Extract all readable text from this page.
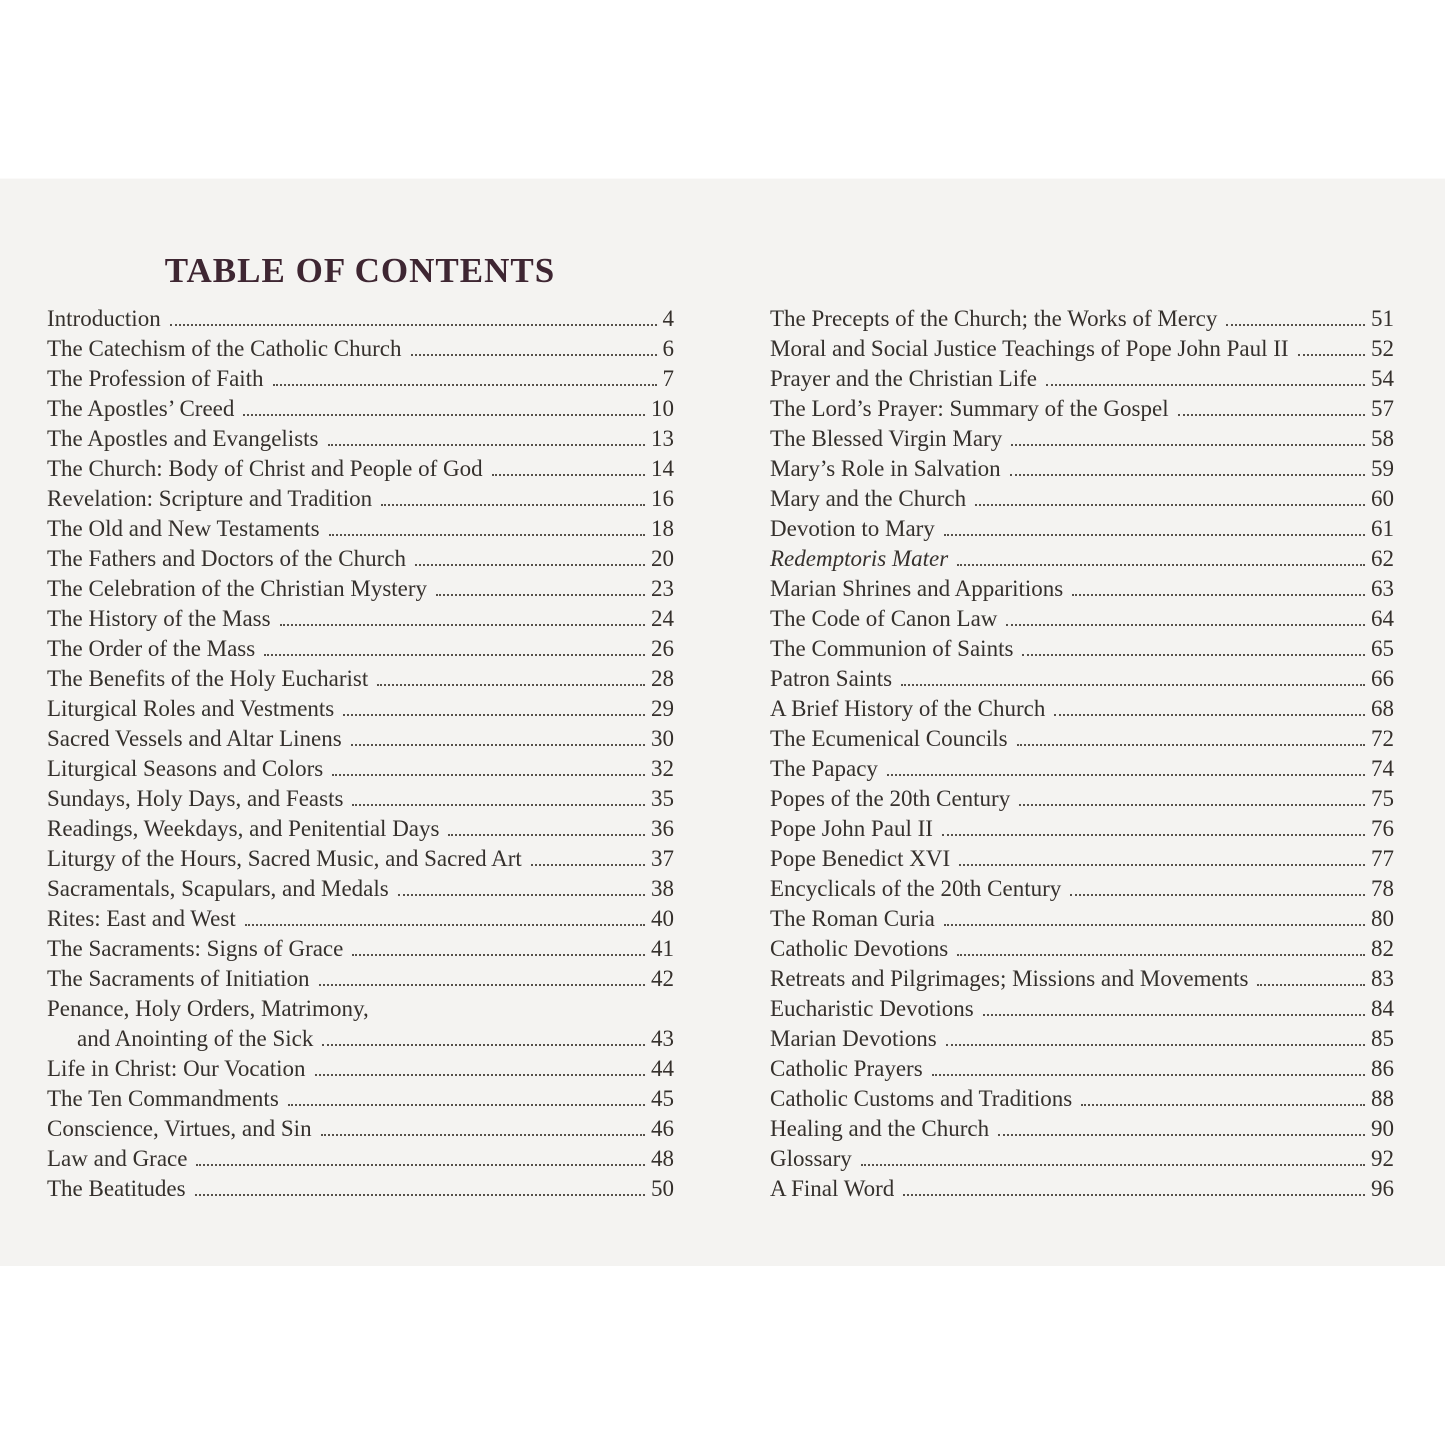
TABLE OF CONTENTS
Introduction	4
The Catechism of the Catholic Church	6
The Profession of Faith	7
The Apostles’ Creed	10
The Apostles and Evangelists	13
The Church: Body of Christ and People of God	14
Revelation: Scripture and Tradition	16
The Old and New Testaments	18
The Fathers and Doctors of the Church	20
The Celebration of the Christian Mystery	23
The History of the Mass	24
The Order of the Mass	26
The Benefits of the Holy Eucharist	28
Liturgical Roles and Vestments	29
Sacred Vessels and Altar Linens	30
Liturgical Seasons and Colors	32
Sundays, Holy Days, and Feasts	35
Readings, Weekdays, and Penitential Days	36
Liturgy of the Hours, Sacred Music, and Sacred Art	37
Sacramentals, Scapulars, and Medals	38
Rites: East and West	40
The Sacraments: Signs of Grace	41
The Sacraments of Initiation	42
Penance, Holy Orders, Matrimony,
and Anointing of the Sick	43
Life in Christ: Our Vocation	44
The Ten Commandments	45
Conscience, Virtues, and Sin	46
Law and Grace	48
The Beatitudes	50
The Precepts of the Church; the Works of Mercy	51
Moral and Social Justice Teachings of Pope John Paul II	52
Prayer and the Christian Life	54
The Lord’s Prayer: Summary of the Gospel	57
The Blessed Virgin Mary	58
Mary’s Role in Salvation	59
Mary and the Church	60
Devotion to Mary	61
Redemptoris Mater	62
Marian Shrines and Apparitions	63
The Code of Canon Law	64
The Communion of Saints	65
Patron Saints	66
A Brief History of the Church	68
The Ecumenical Councils	72
The Papacy	74
Popes of the 20th Century	75
Pope John Paul II	76
Pope Benedict XVI	77
Encyclicals of the 20th Century	78
The Roman Curia	80
Catholic Devotions	82
Retreats and Pilgrimages; Missions and Movements	83
Eucharistic Devotions	84
Marian Devotions	85
Catholic Prayers	86
Catholic Customs and Traditions	88
Healing and the Church	90
Glossary	92
A Final Word	96
